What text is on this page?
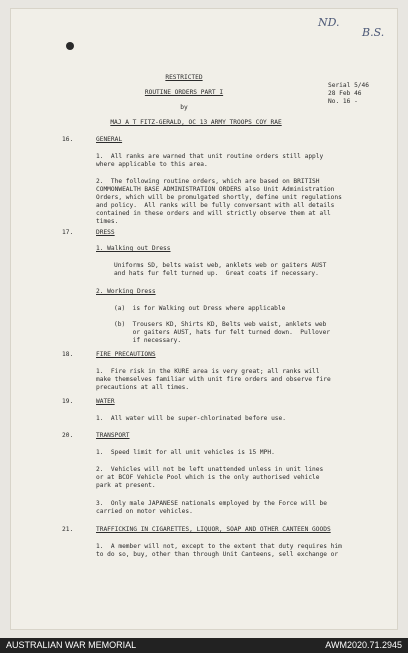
ND.
B.S.
RESTRICTED
ROUTINE ORDERS PART I
by
MAJ A T FITZ-GERALD, OC 13 ARMY TROOPS COY RAE
Serial 5/46
28 Feb 46
No. 16 -
16.	GENERAL

1.  All ranks are warned that unit routine orders still apply
where applicable to this area.

2.  The following routine orders, which are based on BRITISH
COMMONWEALTH BASE ADMINISTRATION ORDERS also Unit Administration
Orders, which will be promulgated shortly, define unit regulations
and policy.  All ranks will be fully conversant with all details
contained in these orders and will strictly observe them at all
times.

17.	DRESS
1. Walking out Dress

Uniforms SD, belts waist web, anklets web or gaiters AUST
and hats fur felt turned up.  Great coats if necessary.

2. Working Dress

(a)  is for Walking out Dress where applicable

(b)  Trousers KD, Shirts KD, Belts web waist, anklets web
or gaiters AUST, hats fur felt turned down.  Pullover
if necessary.

18.	FIRE PRECAUTIONS

1.  Fire risk in the KURE area is very great; all ranks will
make themselves familiar with unit fire orders and observe fire
precautions at all times.

19.	WATER

1.  All water will be super-chlorinated before use.

20.	TRANSPORT

1.  Speed limit for all unit vehicles is 15 MPH.

2.  Vehicles will not be left unattended unless in unit lines
or at BCOF Vehicle Pool which is the only authorised vehicle
park at present.

3.  Only male JAPANESE nationals employed by the Force will be
carried on motor vehicles.

21.	TRAFFICKING IN CIGARETTES, LIQUOR, SOAP AND OTHER CANTEEN GOODS

1.  A member will not, except to the extent that duty requires him
to do so, buy, other than through Unit Canteens, sell exchange or

AUSTRALIAN WAR MEMORIAL	AWM2020.71.2945
